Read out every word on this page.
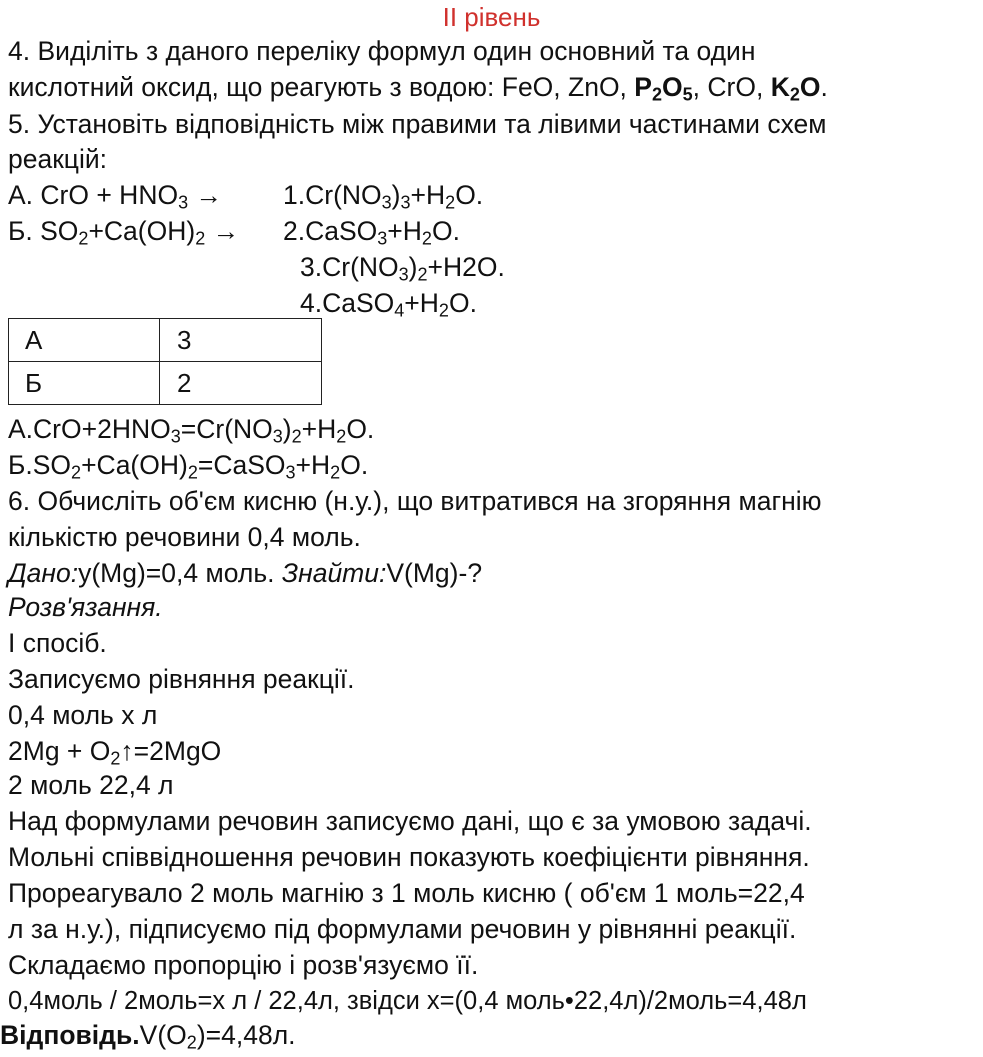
II рівень
4. Виділіть з даного переліку формул один основний та один
кислотний оксид, що реагують з водою: FeO, ZnO, $P_2O_5$, CrO, $K_2O$.
5. Установіть відповідність між правими та лівими частинами схем
реакцій:
А. CrO + $HNO_3 \to 1.Cr(NO_3)_3+H_2O$.
Б. $SO_2+Ca(OH)_2$ → $2.CaSO_3+H_2O$.
$3.Cr(NO_3)_2+H2O$.
$4.CaSO_4+H_2O$.
А	3
Б	2
$А.CrO+2HNO_3=Cr(NO_3)_2+H_2O$.
$Б.SO_2+Ca(OH)_2=CaSO_3+H_2O$.
6. Обчисліть об'єм кисню (н.у.), що витратився на згоряння магнію
кількістю речовини 0,4 моль.
Дано:y(Mg)=0,4 моль. Знайти:V(Mg)-?
Розв'язання.
І спосіб.
Записуємо рівняння реакції.
0,4 моль х л
$2Mg + O_2↑=2MgO$
2 моль 22,4 л
Над формулами речовин записуємо дані, що є за умовою задачі.
Мольні співвідношення речовин показують коефіцієнти рівняння.
Прореагувало 2 моль магнію з 1 моль кисню ( об'єм 1 моль=22,4
л за н.у.), підписуємо під формулами речовин у рівнянні реакції.
Складаємо пропорцію і розв'язуємо її.
0,4моль / 2моль=х л / 22,4л, звідси х=(0,4 моль•22,4л)/2моль=4,48л
$Відповідь.V(O_2)=4,48л$.
